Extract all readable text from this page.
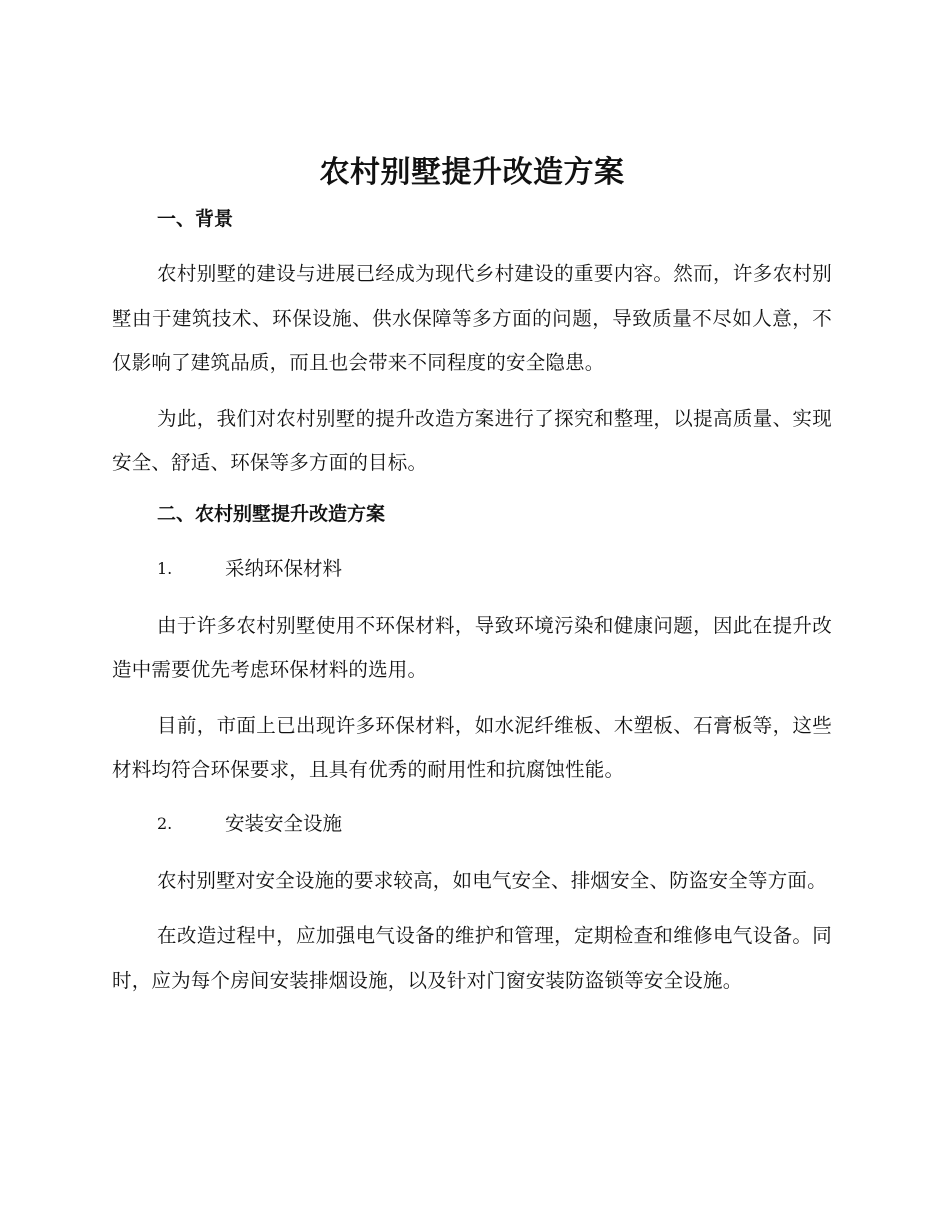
农村别墅提升改造方案
一、背景

农村别墅的建设与进展已经成为现代乡村建设的重要内容。然而，许多农村别墅由于建筑技术、环保设施、供水保障等多方面的问题，导致质量不尽如人意，不仅影响了建筑品质，而且也会带来不同程度的安全隐患。

为此，我们对农村别墅的提升改造方案进行了探究和整理，以提高质量、实现安全、舒适、环保等多方面的目标。

二、农村别墅提升改造方案
1.	采纳环保材料

由于许多农村别墅使用不环保材料，导致环境污染和健康问题，因此在提升改造中需要优先考虑环保材料的选用。

目前，市面上已出现许多环保材料，如水泥纤维板、木塑板、石膏板等，这些材料均符合环保要求，且具有优秀的耐用性和抗腐蚀性能。

2.	安装安全设施

农村别墅对安全设施的要求较高，如电气安全、排烟安全、防盗安全等方面。

在改造过程中，应加强电气设备的维护和管理，定期检查和维修电气设备。同时，应为每个房间安装排烟设施，以及针对门窗安装防盗锁等安全设施。
